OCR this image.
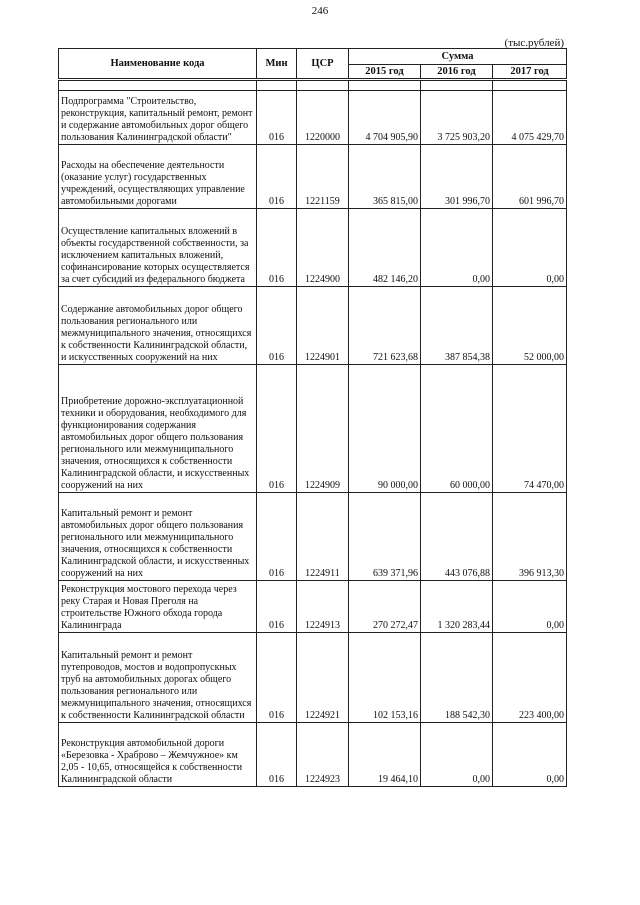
246
(тыс.рублей)
Наименование кода	Мин	ЦСР	Сумма		
			2015 год	2016 год	2017 год

Подпрограмма "Строительство, реконструкция, капитальный ремонт, ремонт и содержание автомобильных дорог общего пользования Калининградской области"	016	1220000	4 704 905,90	3 725 903,20	4 075 429,70
Расходы на обеспечение деятельности (оказание услуг) государственных учреждений, осуществляющих управление автомобильными дорогами	016	1221159	365 815,00	301 996,70	601 996,70
Осуществление капитальных вложений в объекты государственной собственности, за исключением капитальных вложений, софинансирование которых осуществляется за счет субсидий из федерального бюджета	016	1224900	482 146,20	0,00	0,00
Содержание автомобильных дорог общего пользования регионального или межмуниципального значения, относящихся к собственности Калининградской области, и искусственных сооружений на них	016	1224901	721 623,68	387 854,38	52 000,00
Приобретение дорожно-эксплуатационной техники и оборудования, необходимого для функционирования содержания автомобильных дорог общего пользования регионального или межмуниципального значения, относящихся к собственности Калининградской области, и искусственных сооружений на них	016	1224909	90 000,00	60 000,00	74 470,00
Капитальный ремонт и ремонт автомобильных дорог общего пользования регионального или межмуниципального значения, относящихся к собственности Калининградской области, и искусственных сооружений на них	016	1224911	639 371,96	443 076,88	396 913,30
Реконструкция мостового перехода через реку Старая и Новая Преголя на строительстве Южного обхода города Калининграда	016	1224913	270 272,47	1 320 283,44	0,00
Капитальный ремонт и ремонт путепроводов, мостов и водопропускных труб на автомобильных дорогах общего пользования регионального или межмуниципального значения, относящихся к собственности Калининградской области	016	1224921	102 153,16	188 542,30	223 400,00
Реконструкция автомобильной дороги «Березовка - Храброво – Жемчужное» км 2,05 - 10,65, относящейся к собственности Калининградской области	016	1224923	19 464,10	0,00	0,00
